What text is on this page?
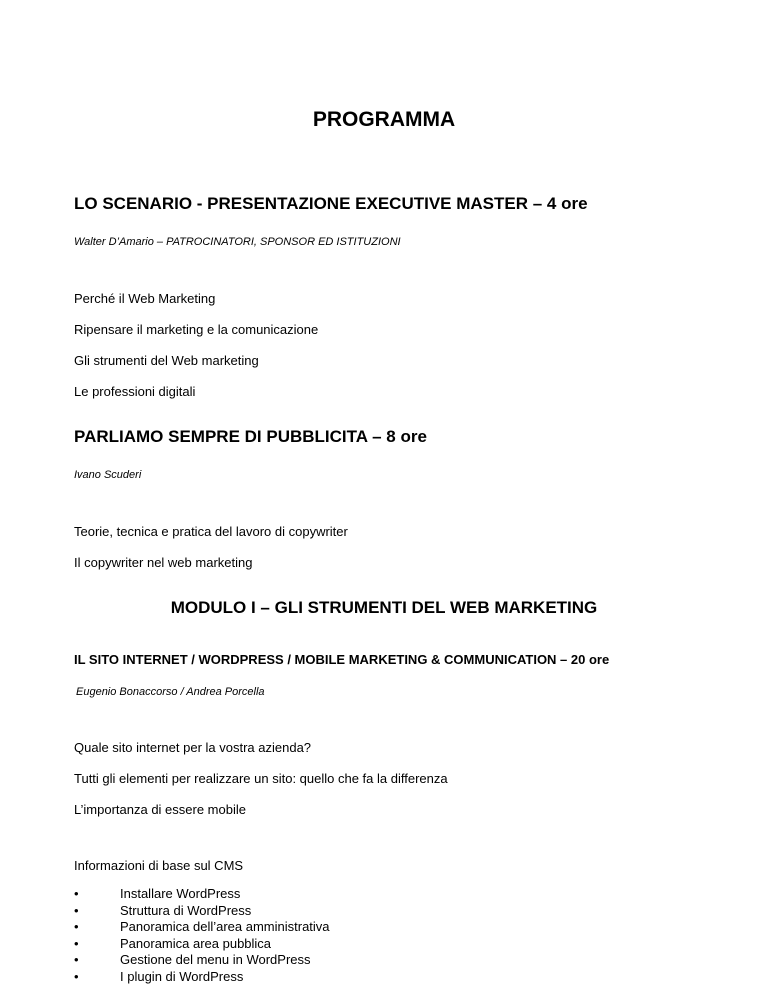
PROGRAMMA
LO SCENARIO - PRESENTAZIONE EXECUTIVE MASTER – 4 ore
Walter D’Amario – PATROCINATORI, SPONSOR ED ISTITUZIONI
Perché il Web Marketing
Ripensare il marketing e la comunicazione
Gli strumenti del Web marketing
Le professioni digitali
PARLIAMO SEMPRE DI PUBBLICITA – 8 ore
Ivano Scuderi
Teorie, tecnica e pratica del lavoro di copywriter
Il copywriter nel web marketing
MODULO I – GLI STRUMENTI DEL WEB MARKETING
IL SITO INTERNET / WORDPRESS / MOBILE MARKETING & COMMUNICATION – 20 ore
Eugenio Bonaccorso / Andrea Porcella
Quale sito internet per la vostra azienda?
Tutti gli elementi per realizzare un sito: quello che fa la differenza
L’importanza di essere mobile
Informazioni di base sul CMS
•	Installare WordPress
•	Struttura di WordPress
•	Panoramica dell’area amministrativa
•	Panoramica area pubblica
•	Gestione del menu in WordPress
•	I plugin di WordPress
